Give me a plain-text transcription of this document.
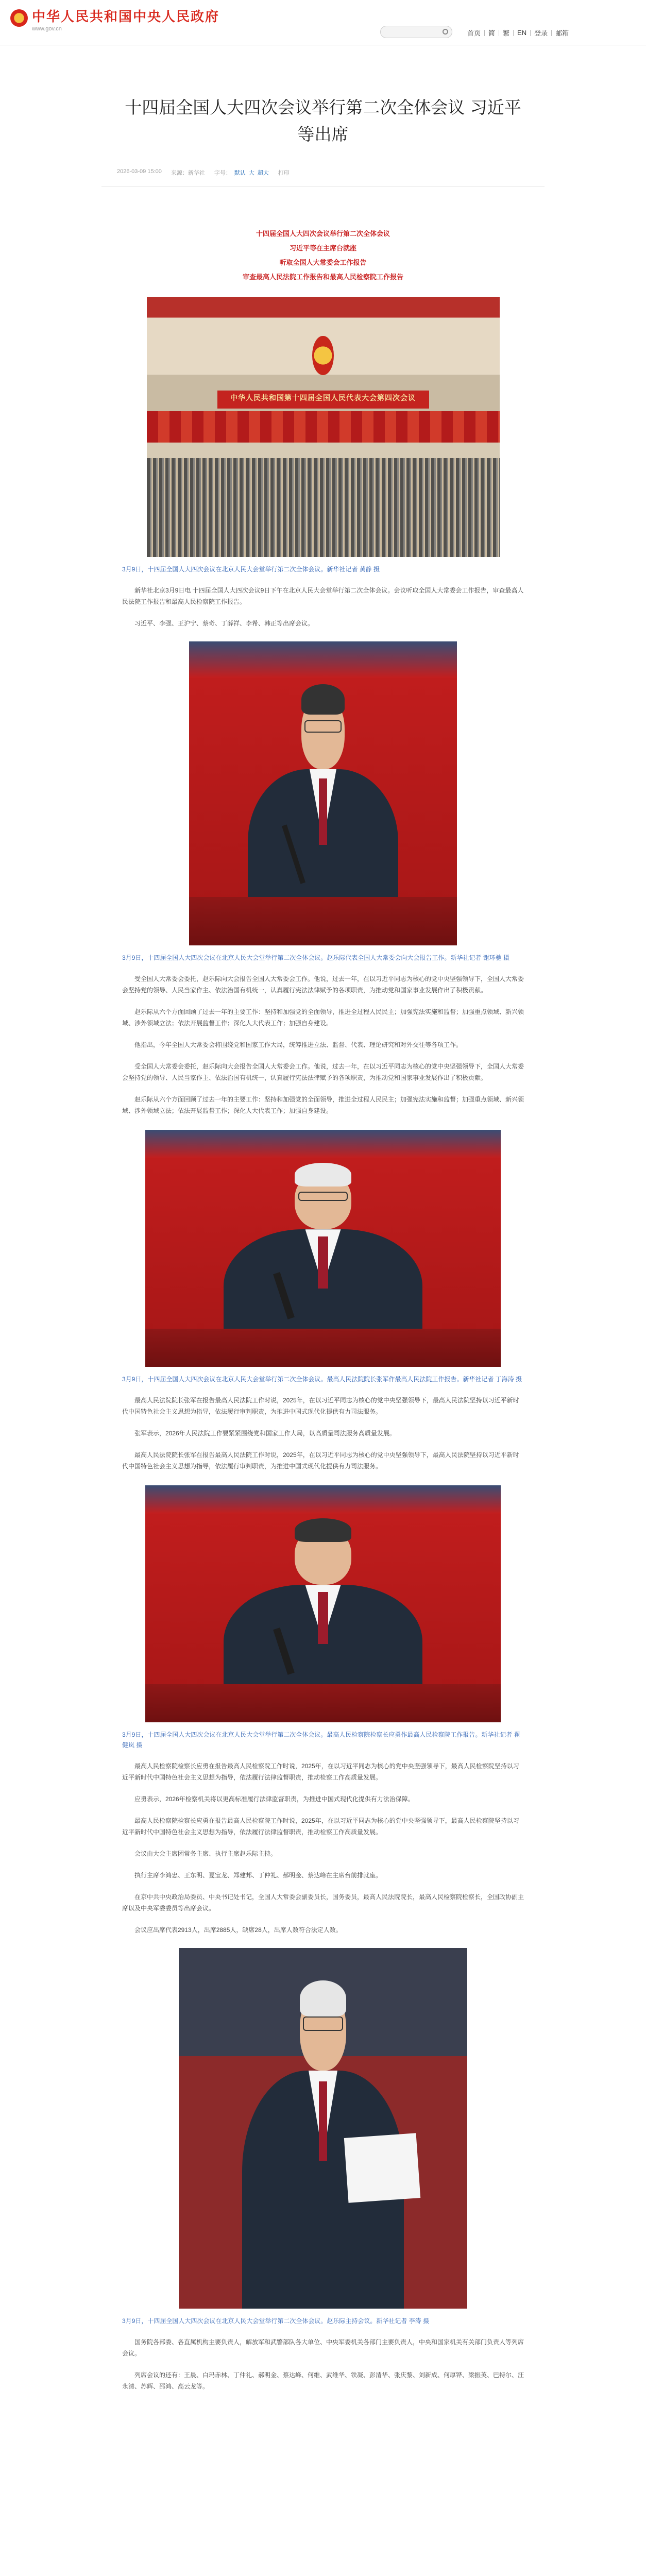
中华人民共和国中央人民政府
www.gov.cn
首页	简	繁	EN	登录	邮箱
十四届全国人大四次会议举行第二次全体会议 习近平等出席
2026-03-09 15:00 来源：新华社 字号： 默认 大 超大 打印
十四届全国人大四次会议举行第二次全体会议
习近平等在主席台就座
听取全国人大常委会工作报告
审查最高人民法院工作报告和最高人民检察院工作报告
中华人民共和国第十四届全国人民代表大会第四次会议

3月9日，十四届全国人大四次会议在北京人民大会堂举行第二次全体会议。新华社记者 黄静 摄

新华社北京3月9日电 十四届全国人大四次会议9日下午在北京人民大会堂举行第二次全体会议。会议听取全国人大常委会工作报告，审查最高人民法院工作报告和最高人民检察院工作报告。

习近平、李强、王沪宁、蔡奇、丁薛祥、李希、韩正等出席会议。

3月9日，十四届全国人大四次会议在北京人民大会堂举行第二次全体会议。赵乐际代表全国人大常委会向大会报告工作。新华社记者 谢环驰 摄

受全国人大常委会委托，赵乐际向大会报告全国人大常委会工作。他说，过去一年，在以习近平同志为核心的党中央坚强领导下，全国人大常委会坚持党的领导、人民当家作主、依法治国有机统一，认真履行宪法法律赋予的各项职责，为推动党和国家事业发展作出了积极贡献。

赵乐际从六个方面回顾了过去一年的主要工作：坚持和加强党的全面领导，推进全过程人民民主；加强宪法实施和监督；加强重点领域、新兴领域、涉外领域立法；依法开展监督工作；深化人大代表工作；加强自身建设。

他指出，今年全国人大常委会将围绕党和国家工作大局，统筹推进立法、监督、代表、理论研究和对外交往等各项工作。

受全国人大常委会委托，赵乐际向大会报告全国人大常委会工作。他说，过去一年，在以习近平同志为核心的党中央坚强领导下，全国人大常委会坚持党的领导、人民当家作主、依法治国有机统一，认真履行宪法法律赋予的各项职责，为推动党和国家事业发展作出了积极贡献。

赵乐际从六个方面回顾了过去一年的主要工作：坚持和加强党的全面领导，推进全过程人民民主；加强宪法实施和监督；加强重点领域、新兴领域、涉外领域立法；依法开展监督工作；深化人大代表工作；加强自身建设。

3月9日，十四届全国人大四次会议在北京人民大会堂举行第二次全体会议。最高人民法院院长张军作最高人民法院工作报告。新华社记者 丁海涛 摄

最高人民法院院长张军在报告最高人民法院工作时说，2025年，在以习近平同志为核心的党中央坚强领导下，最高人民法院坚持以习近平新时代中国特色社会主义思想为指导，依法履行审判职责，为推进中国式现代化提供有力司法服务。

张军表示，2026年人民法院工作要紧紧围绕党和国家工作大局，以高质量司法服务高质量发展。

最高人民法院院长张军在报告最高人民法院工作时说，2025年，在以习近平同志为核心的党中央坚强领导下，最高人民法院坚持以习近平新时代中国特色社会主义思想为指导，依法履行审判职责，为推进中国式现代化提供有力司法服务。

3月9日，十四届全国人大四次会议在北京人民大会堂举行第二次全体会议。最高人民检察院检察长应勇作最高人民检察院工作报告。新华社记者 翟健岚 摄

最高人民检察院检察长应勇在报告最高人民检察院工作时说，2025年，在以习近平同志为核心的党中央坚强领导下，最高人民检察院坚持以习近平新时代中国特色社会主义思想为指导，依法履行法律监督职责，推动检察工作高质量发展。

应勇表示，2026年检察机关将以更高标准履行法律监督职责，为推进中国式现代化提供有力法治保障。

最高人民检察院检察长应勇在报告最高人民检察院工作时说，2025年，在以习近平同志为核心的党中央坚强领导下，最高人民检察院坚持以习近平新时代中国特色社会主义思想为指导，依法履行法律监督职责，推动检察工作高质量发展。

会议由大会主席团常务主席、执行主席赵乐际主持。

执行主席李鸿忠、王东明、夏宝龙、郑建邦、丁仲礼、郝明金、蔡达峰在主席台前排就座。

在京中共中央政治局委员、中央书记处书记，全国人大常委会副委员长，国务委员，最高人民法院院长，最高人民检察院检察长，全国政协副主席以及中央军委委员等出席会议。

会议应出席代表2913人，出席2885人，缺席28人，出席人数符合法定人数。

3月9日，十四届全国人大四次会议在北京人民大会堂举行第二次全体会议。赵乐际主持会议。新华社记者 李涛 摄

国务院各部委、各直属机构主要负责人，解放军和武警部队各大单位、中央军委机关各部门主要负责人，中央和国家机关有关部门负责人等列席会议。

列席会议的还有：王晨、白玛赤林、丁仲礼、郝明金、蔡达峰、何维、武维华、铁凝、彭清华、张庆黎、刘新成、何厚铧、梁振英、巴特尔、汪永清、苏辉、邵鸿、高云龙等。
